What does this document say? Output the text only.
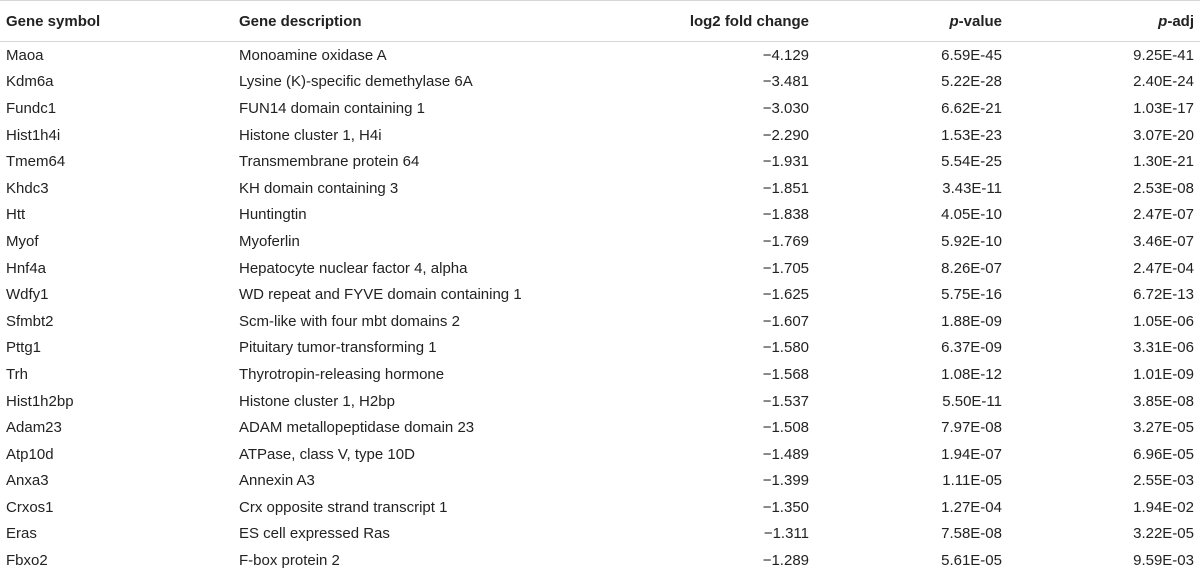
Gene symbol	Gene description	log2 fold change	p-value	p-adj
Maoa	Monoamine oxidase A	−4.129	6.59E-45	9.25E-41
Kdm6a	Lysine (K)-specific demethylase 6A	−3.481	5.22E-28	2.40E-24
Fundc1	FUN14 domain containing 1	−3.030	6.62E-21	1.03E-17
Hist1h4i	Histone cluster 1, H4i	−2.290	1.53E-23	3.07E-20
Tmem64	Transmembrane protein 64	−1.931	5.54E-25	1.30E-21
Khdc3	KH domain containing 3	−1.851	3.43E-11	2.53E-08
Htt	Huntingtin	−1.838	4.05E-10	2.47E-07
Myof	Myoferlin	−1.769	5.92E-10	3.46E-07
Hnf4a	Hepatocyte nuclear factor 4, alpha	−1.705	8.26E-07	2.47E-04
Wdfy1	WD repeat and FYVE domain containing 1	−1.625	5.75E-16	6.72E-13
Sfmbt2	Scm-like with four mbt domains 2	−1.607	1.88E-09	1.05E-06
Pttg1	Pituitary tumor-transforming 1	−1.580	6.37E-09	3.31E-06
Trh	Thyrotropin-releasing hormone	−1.568	1.08E-12	1.01E-09
Hist1h2bp	Histone cluster 1, H2bp	−1.537	5.50E-11	3.85E-08
Adam23	ADAM metallopeptidase domain 23	−1.508	7.97E-08	3.27E-05
Atp10d	ATPase, class V, type 10D	−1.489	1.94E-07	6.96E-05
Anxa3	Annexin A3	−1.399	1.11E-05	2.55E-03
Crxos1	Crx opposite strand transcript 1	−1.350	1.27E-04	1.94E-02
Eras	ES cell expressed Ras	−1.311	7.58E-08	3.22E-05
Fbxo2	F-box protein 2	−1.289	5.61E-05	9.59E-03
